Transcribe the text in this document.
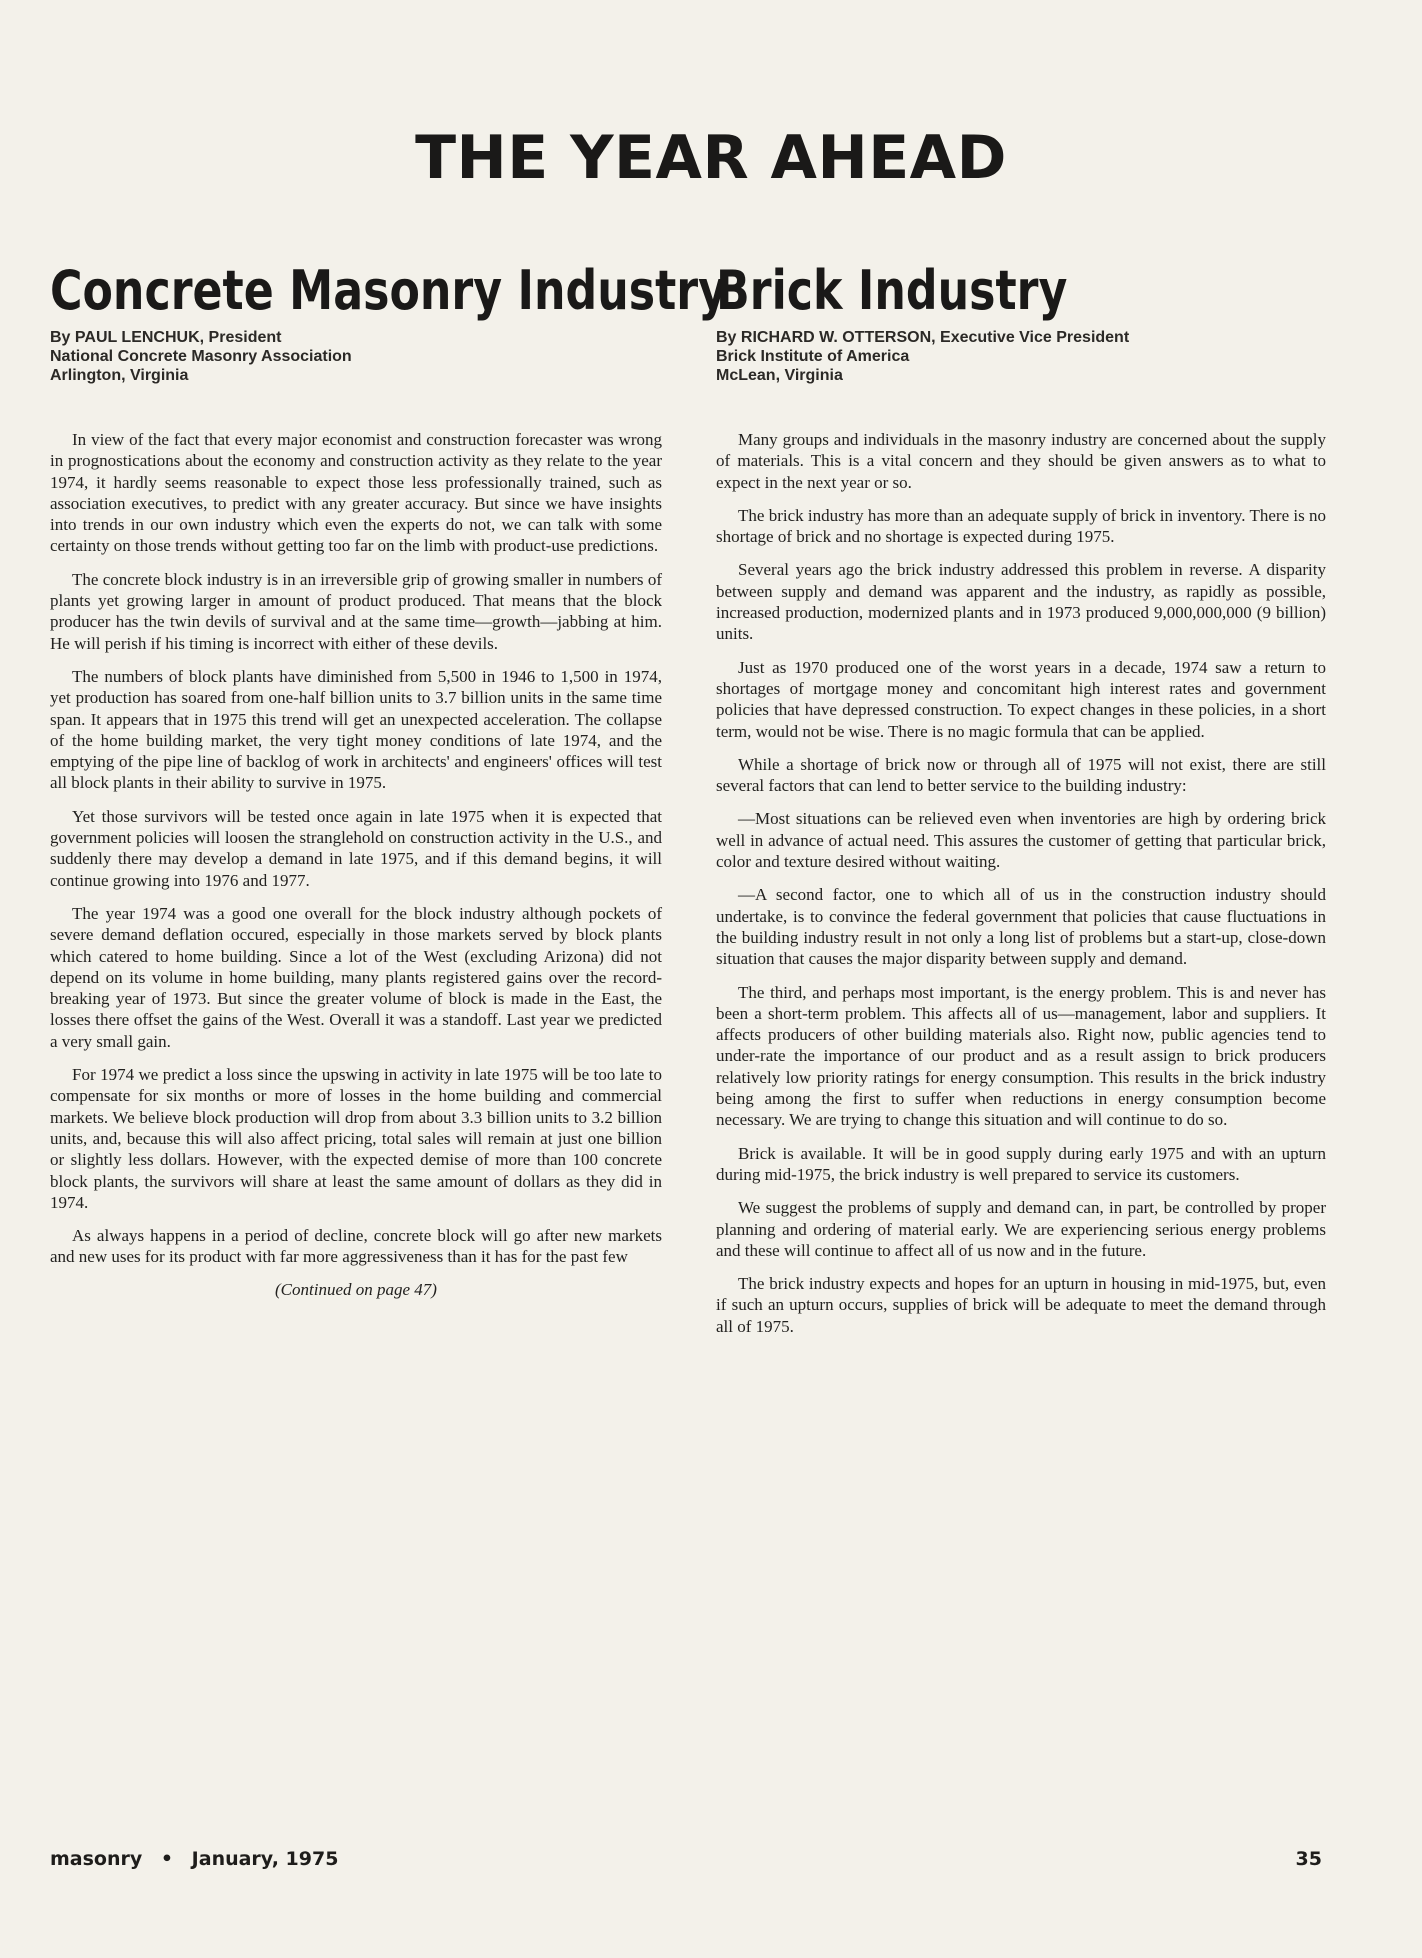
THE YEAR AHEAD
Concrete Masonry Industry
By PAUL LENCHUK, President
National Concrete Masonry Association
Arlington, Virginia

In view of the fact that every major economist and construction forecaster was wrong in prognostications about the economy and construction activity as they relate to the year 1974, it hardly seems reasonable to expect those less professionally trained, such as association executives, to predict with any greater accuracy. But since we have insights into trends in our own industry which even the experts do not, we can talk with some certainty on those trends without getting too far on the limb with product-use predictions.

The concrete block industry is in an irreversible grip of growing smaller in numbers of plants yet growing larger in amount of product produced. That means that the block producer has the twin devils of survival and at the same time—growth—jabbing at him. He will perish if his timing is incorrect with either of these devils.

The numbers of block plants have diminished from 5,500 in 1946 to 1,500 in 1974, yet production has soared from one-half billion units to 3.7 billion units in the same time span. It appears that in 1975 this trend will get an unexpected acceleration. The collapse of the home building market, the very tight money conditions of late 1974, and the emptying of the pipe line of backlog of work in architects' and engineers' offices will test all block plants in their ability to survive in 1975.

Yet those survivors will be tested once again in late 1975 when it is expected that government policies will loosen the stranglehold on construction activity in the U.S., and suddenly there may develop a demand in late 1975, and if this demand begins, it will continue growing into 1976 and 1977.

The year 1974 was a good one overall for the block industry although pockets of severe demand deflation occured, especially in those markets served by block plants which catered to home building. Since a lot of the West (excluding Arizona) did not depend on its volume in home building, many plants registered gains over the record-breaking year of 1973. But since the greater volume of block is made in the East, the losses there offset the gains of the West. Overall it was a standoff. Last year we predicted a very small gain.

For 1974 we predict a loss since the upswing in activity in late 1975 will be too late to compensate for six months or more of losses in the home building and commercial markets. We believe block production will drop from about 3.3 billion units to 3.2 billion units, and, because this will also affect pricing, total sales will remain at just one billion or slightly less dollars. However, with the expected demise of more than 100 concrete block plants, the survivors will share at least the same amount of dollars as they did in 1974.

As always happens in a period of decline, concrete block will go after new markets and new uses for its product with far more aggressiveness than it has for the past few

(Continued on page 47)
Brick Industry
By RICHARD W. OTTERSON, Executive Vice President
Brick Institute of America
McLean, Virginia

Many groups and individuals in the masonry industry are concerned about the supply of materials. This is a vital concern and they should be given answers as to what to expect in the next year or so.

The brick industry has more than an adequate supply of brick in inventory. There is no shortage of brick and no shortage is expected during 1975.

Several years ago the brick industry addressed this problem in reverse. A disparity between supply and demand was apparent and the industry, as rapidly as possible, increased production, modernized plants and in 1973 produced 9,000,000,000 (9 billion) units.

Just as 1970 produced one of the worst years in a decade, 1974 saw a return to shortages of mortgage money and concomitant high interest rates and government policies that have depressed construction. To expect changes in these policies, in a short term, would not be wise. There is no magic formula that can be applied.

While a shortage of brick now or through all of 1975 will not exist, there are still several factors that can lend to better service to the building industry:

—Most situations can be relieved even when inventories are high by ordering brick well in advance of actual need. This assures the customer of getting that particular brick, color and texture desired without waiting.

—A second factor, one to which all of us in the construction industry should undertake, is to convince the federal government that policies that cause fluctuations in the building industry result in not only a long list of problems but a start-up, close-down situation that causes the major disparity between supply and demand.

The third, and perhaps most important, is the energy problem. This is and never has been a short-term problem. This affects all of us—management, labor and suppliers. It affects producers of other building materials also. Right now, public agencies tend to under-rate the importance of our product and as a result assign to brick producers relatively low priority ratings for energy consumption. This results in the brick industry being among the first to suffer when reductions in energy consumption become necessary. We are trying to change this situation and will continue to do so.

Brick is available. It will be in good supply during early 1975 and with an upturn during mid-1975, the brick industry is well prepared to service its customers.

We suggest the problems of supply and demand can, in part, be controlled by proper planning and ordering of material early. We are experiencing serious energy problems and these will continue to affect all of us now and in the future.

The brick industry expects and hopes for an upturn in housing in mid-1975, but, even if such an upturn occurs, supplies of brick will be adequate to meet the demand through all of 1975.

masonry • January, 1975	35
